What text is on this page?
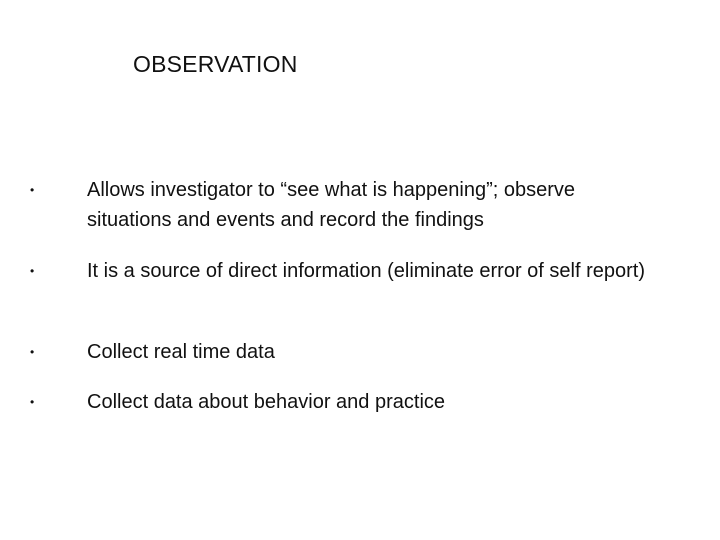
OBSERVATION
•	Allows investigator to “see what is happening”; observe situations and events and record the findings
•	It is a source of direct information (eliminate error of self report)
•	Collect real time data
•	Collect data about behavior and practice
